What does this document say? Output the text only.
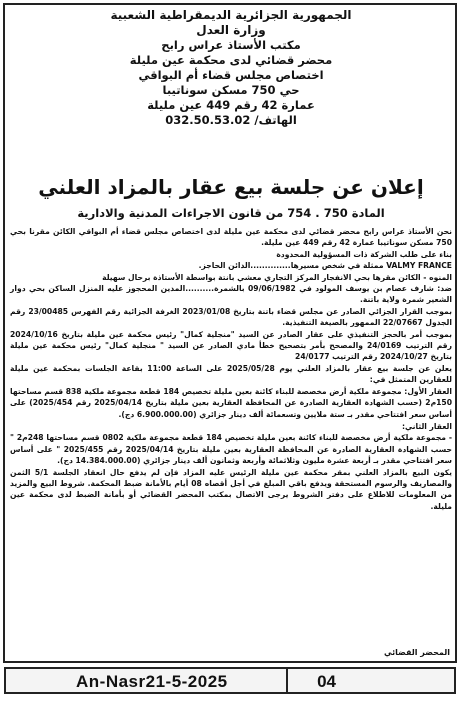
الجمهورية الجزائرية الديمقراطية الشعبية
وزارة العدل
مكتب الأستاذ عراس رابح
محضر قضائي لدى محكمة عين مليلة
اختصاص مجلس قضاء أم البواقي
حي 750 مسكن سوناتيبا
عمارة 42 رقم 449 عين مليلة
الهاتف/ 032.50.53.02
إعلان عن جلسة بيع عقار بالمزاد العلني
المادة 750 . 754 من قانون الاجراءات المدنية والادارية

نحن الأستاذ عراس رابح محضر قضائي لدى محكمة عين مليلة لدى اختصاص مجلس قضاء أم البواقي الكائن مقرنا بحي 750 مسكن سوناتيبا عمارة 42 رقم 449 عين مليلة.

بناء على طلب الشركة ذات المسؤولية المحدودة

VALMY FRANCE ممثلة في شخص مسيرها..............الدائن الحاجز.

المنوه - الكائن مقرها بحي الانفجار المركز التجاري معشي بانتة بواسطة الأستاذة برحال سهيلة

ضد: شارف عصام بن يوسف المولود في 09/06/1982 بالشمرة..........المدين المحجوز عليه المنزل الساكن بحي دوار الشعير شمرة ولاية باتنة.

بموجب القرار الجزائي الصادر عن مجلس قضاء باتنة بتاريخ 2023/01/08 الغرفة الجزائية رقم الفهرس 23/00485 رقم الجدول 22/07667 الممهور بالصيغة التنفيذية.

بموجب أمر بالحجز التنفيذي على عقار الصادر عن السيد "منجلية كمال" رئيس محكمة عين مليلة بتاريخ 2024/10/16 رقم الترتيب 24/0169 والمصحح بأمر بتصحيح خطأ مادي الصادر عن السيد " منجلية كمال" رئيس محكمة عين مليلة بتاريخ 2024/10/27 رقم الترتيب 24/0177

يعلن عن جلسة بيع عقار بالمزاد العلني يوم 2025/05/28 على الساعة 11:00 بقاعة الجلسات بمحكمة عين مليلة للعقارين المتمثل في:

العقار الأول: مجموعة ملكية أرض مخصصة للبناء كائنة بعين مليلة تخصيص 184 قطعة مجموعة ملكية 838 قسم مساحتها 150م2 (حسب الشهادة العقارية الصادرة عن المحافظة العقارية بعين مليلة بتاريخ 2025/04/14 رقم 2025/454) على أساس سعر افتتاحي مقدر بـ ستة ملايين وتسعمائة ألف دينار جزائري (6.900.000.00 دج).

العقار الثاني:

- مجموعة ملكية أرض مخصصة للبناء كائنة بعين مليلة تخصيص 184 قطعة مجموعة ملكية 0802 قسم مساحتها 248م2 " حسب الشهادة العقارية الصادرة عن المحافظة العقارية بعين مليلة بتاريخ 2025/04/14 رقم 2025/455 " على أساس سعر افتتاحي مقدر بـ أربعة عشرة مليون وثلاثمائة وأربعة وثمانون ألف دينار جزائري (14.384.000.00 دج).

يكون البيع بالمزاد العلني بمقر محكمة عين مليلة الرئيس عليه المزاد فإن لم يدفع حال انعقاد الجلسة 5/1 الثمن والمصاريف والرسوم المستحقة ويدفع باقي المبلغ في أجل أقصاه 08 أيام بالأمانة ضبط المحكمة. شروط البيع والمزيد من المعلومات للاطلاع على دفتر الشروط يرجى الاتصال بمكتب المحضر القضائي أو بأمانة الضبط لدى محكمة عين مليلة.

المحضر القضائي
An-Nasr21-5-2025	04
